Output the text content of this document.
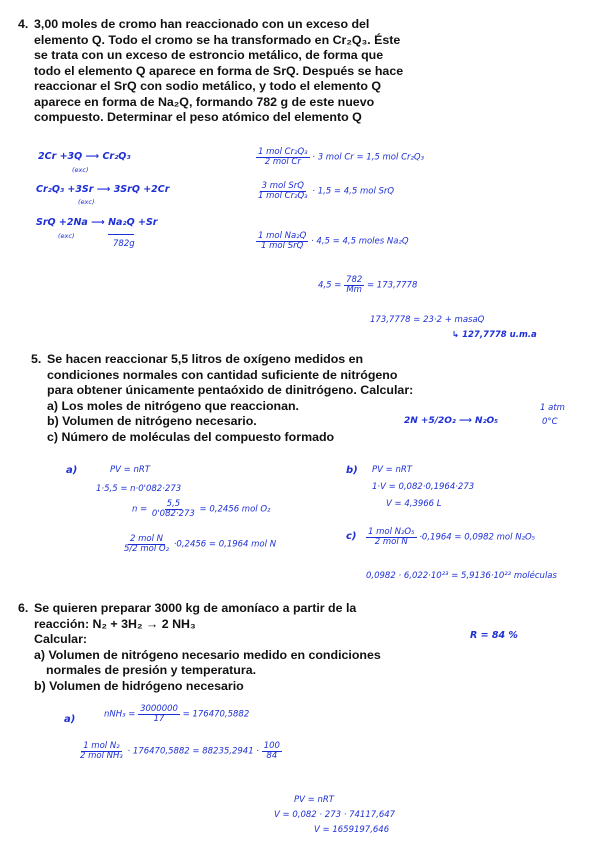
4. 3,00 moles de cromo han reaccionado con un exceso del
elemento Q. Todo el cromo se ha transformado en Cr₂Q₃. Éste
se trata con un exceso de estroncio metálico, de forma que
todo el elemento Q aparece en forma de SrQ. Después se hace
reaccionar el SrQ con sodio metálico, y todo el elemento Q
aparece en forma de Na₂Q, formando 782 g de este nuevo
compuesto. Determinar el peso atómico del elemento Q
2Cr +3Q ⟶ Cr₂Q₃
(exc)
Cr₂Q₃ +3Sr ⟶ 3SrQ +2Cr
(exc)
SrQ +2Na ⟶ Na₂Q +Sr
(exc)
782g
$\frac{\text{1 mol Cr₂Q₃}}{\text{2 mol Cr}} \cdot 3$ mol Cr = 1,5 mol Cr₂Q₃
$\frac{\text{3 mol SrQ}}{\text{1 mol Cr₂Q₃}} \cdot 1,5 = 4,5$ mol SrQ
$\frac{\text{1 mol Na₂Q}}{\text{1 mol SrQ}} \cdot 4,5 = 4,5$ moles Na₂Q
$4,5 = \frac{782}{Mm} = 173,7778$
173,7778 = 23·2 + masaQ
↳ 127,7778 u.m.a
5. Se hacen reaccionar 5,5 litros de oxígeno medidos en
condiciones normales con cantidad suficiente de nitrógeno
para obtener únicamente pentaóxido de dinitrógeno. Calcular:
a) Los moles de nitrógeno que reaccionan.
b) Volumen de nitrógeno necesario.
c) Número de moléculas del compuesto formado
2N +5/2O₂ ⟶ N₂O₅
1 atm
0°C
a)	PV = nRT
1·5,5 = n·0'082·273
$n = \frac{5,5}{0'082\cdot 273} = 0,2456$ mol O₂
$\frac{\text{2 mol N}}{\text{5/2 mol O₂}} \cdot 0,2456 = 0,1964$ mol N
b) PV = nRT
1·V = 0,082·0,1964·273
V = 4,3966 L
$c) \frac{\text{1 mol N₂O₅}}{\text{2 mol N}} \cdot 0,1964 = 0,0982$ mol N₂O₅
0,0982 · 6,022·10²³ = 5,9136·10²² moléculas
6. Se quieren preparar 3000 kg de amoníaco a partir de la
reacción: N₂ + 3H₂ → 2 NH₃
Calcular:
a) Volumen de nitrógeno necesario medido en condiciones
normales de presión y temperatura.
b) Volumen de hidrógeno necesario
R = 84 %
a)	$nNH_3 = \frac{3000000}{17} = 176470,5882$
$\frac{\text{1 mol N₂}}{\text{2 mol NH₃}} \cdot 176470,5882 = 88235,2941 \cdot \frac{100}{84}$
PV = nRT
V = 0,082 · 273 · 74117,647
V = 1659197,646
